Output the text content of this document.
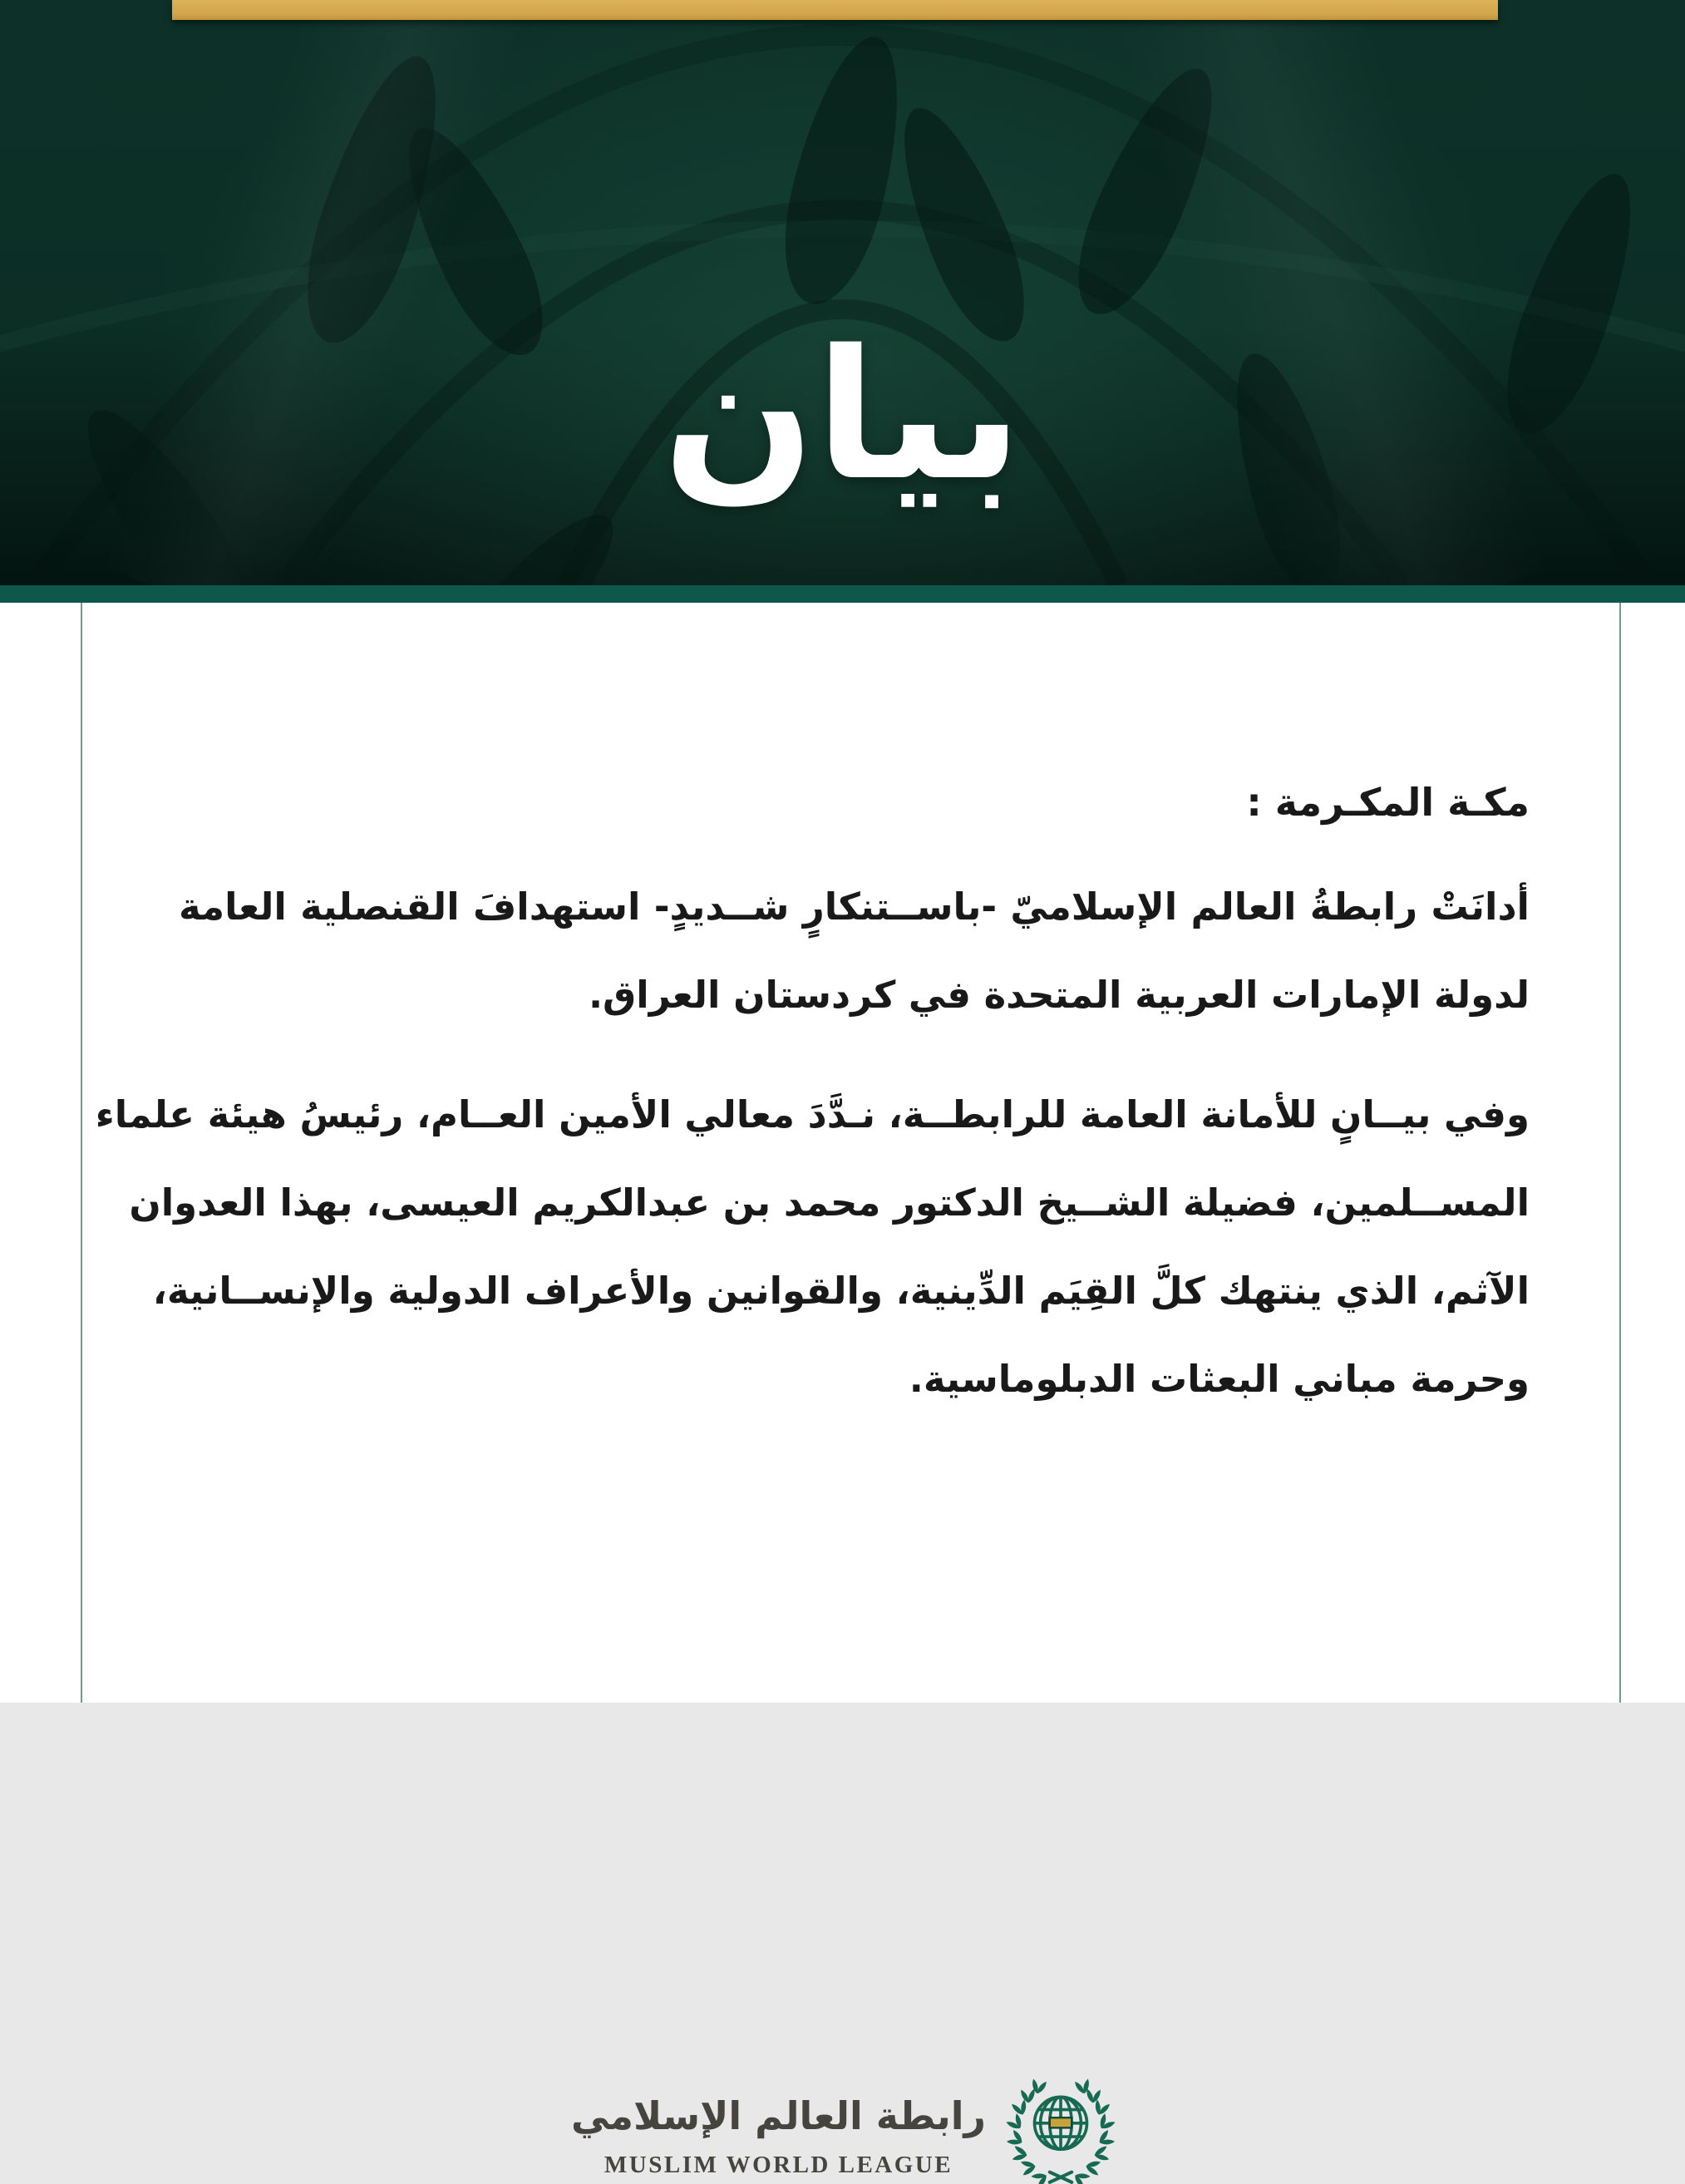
بيان
مكـة المكـرمة :
أدانَتْ رابطةُ العالم الإسلاميّ -باســتنكارٍ شــديدٍ- استهدافَ القنصلية العامة
لدولة الإمارات العربية المتحدة في كردستان العراق.
وفي بيــانٍ للأمانة العامة للرابطــة، نـدَّدَ معالي الأمين العــام، رئيسُ هيئة علماء
المســلمين، فضيلة الشــيخ الدكتور محمد بن عبدالكريم العيسى، بهذا العدوان
الآثم، الذي ينتهك كلَّ القِيَم الدِّينية، والقوانين والأعراف الدولية والإنســانية،
وحرمة مباني البعثات الدبلوماسية.
رابطة العالم الإسلامي
MUSLIM WORLD LEAGUE
